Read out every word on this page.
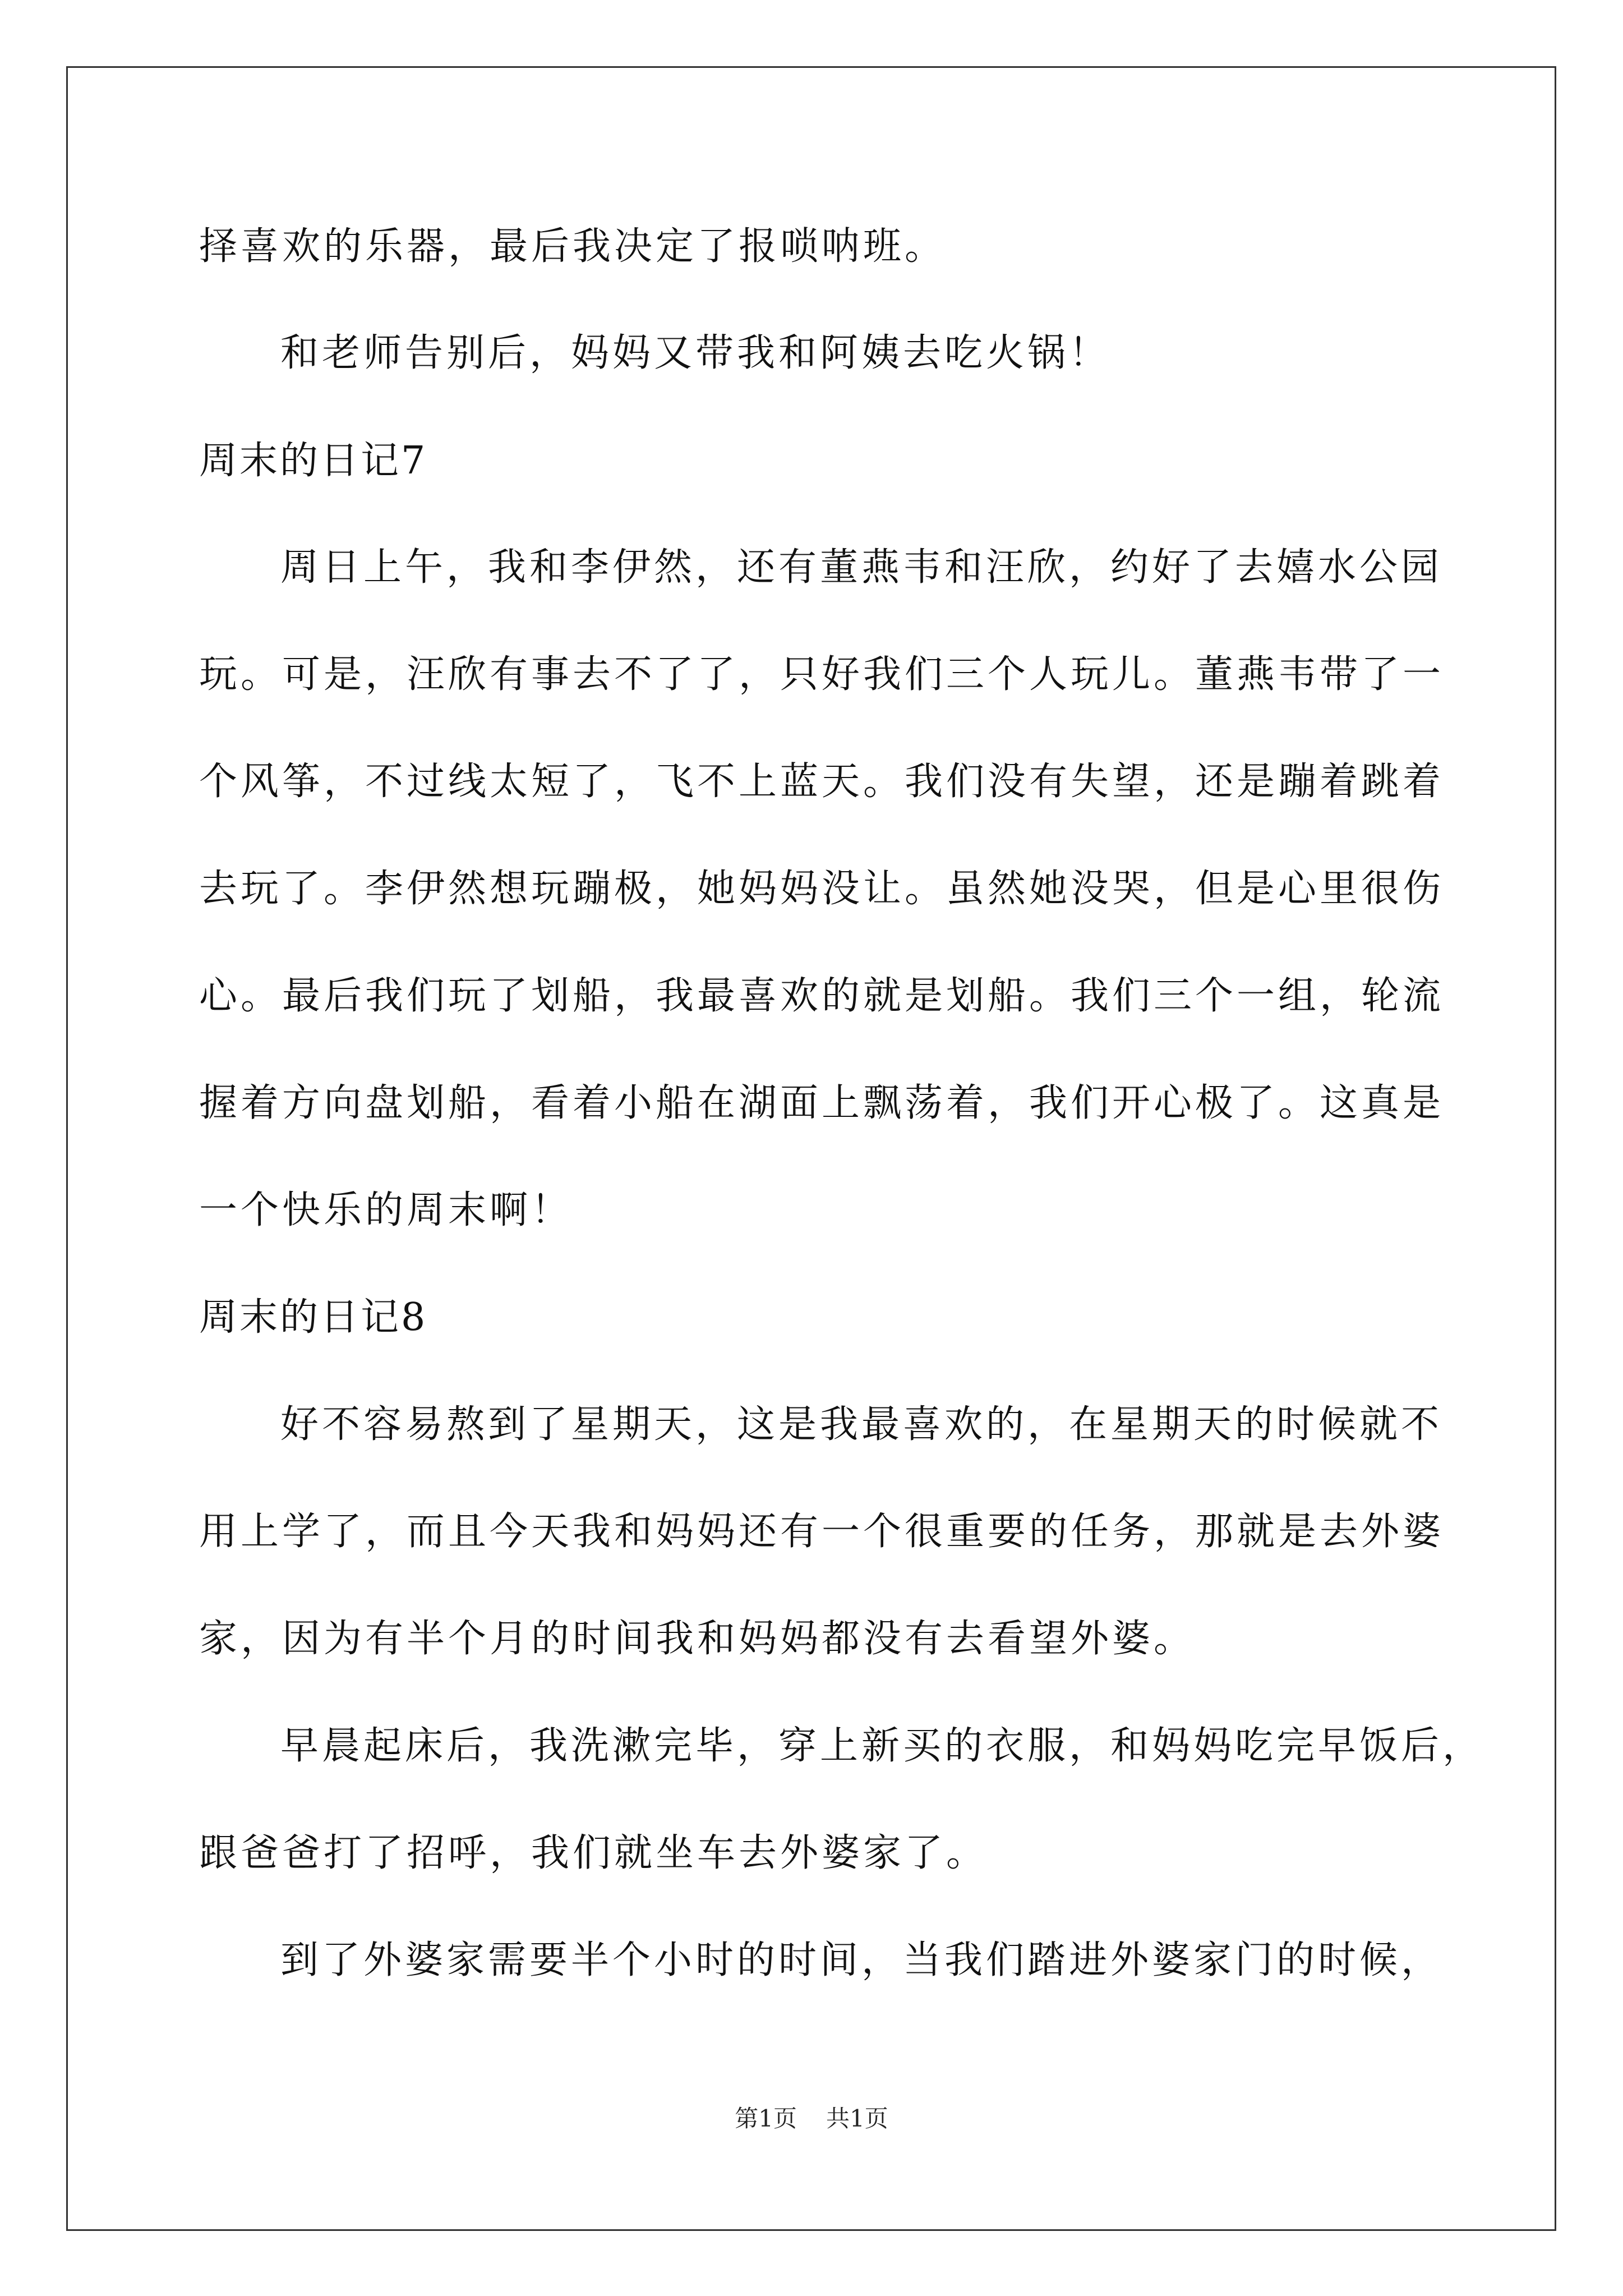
择喜欢的乐器，最后我决定了报唢呐班。
和老师告别后，妈妈又带我和阿姨去吃火锅！
周末的日记7
周日上午，我和李伊然，还有董燕韦和汪欣，约好了去嬉水公园
玩。可是，汪欣有事去不了了，只好我们三个人玩儿。董燕韦带了一
个风筝，不过线太短了，飞不上蓝天。我们没有失望，还是蹦着跳着
去玩了。李伊然想玩蹦极，她妈妈没让。虽然她没哭，但是心里很伤
心。最后我们玩了划船，我最喜欢的就是划船。我们三个一组，轮流
握着方向盘划船，看着小船在湖面上飘荡着，我们开心极了。这真是
一个快乐的周末啊！
周末的日记8
好不容易熬到了星期天，这是我最喜欢的，在星期天的时候就不
用上学了，而且今天我和妈妈还有一个很重要的任务，那就是去外婆
家，因为有半个月的时间我和妈妈都没有去看望外婆。
早晨起床后，我洗漱完毕，穿上新买的衣服，和妈妈吃完早饭后，
跟爸爸打了招呼，我们就坐车去外婆家了。
到了外婆家需要半个小时的时间，当我们踏进外婆家门的时候，
第1页 共1页
